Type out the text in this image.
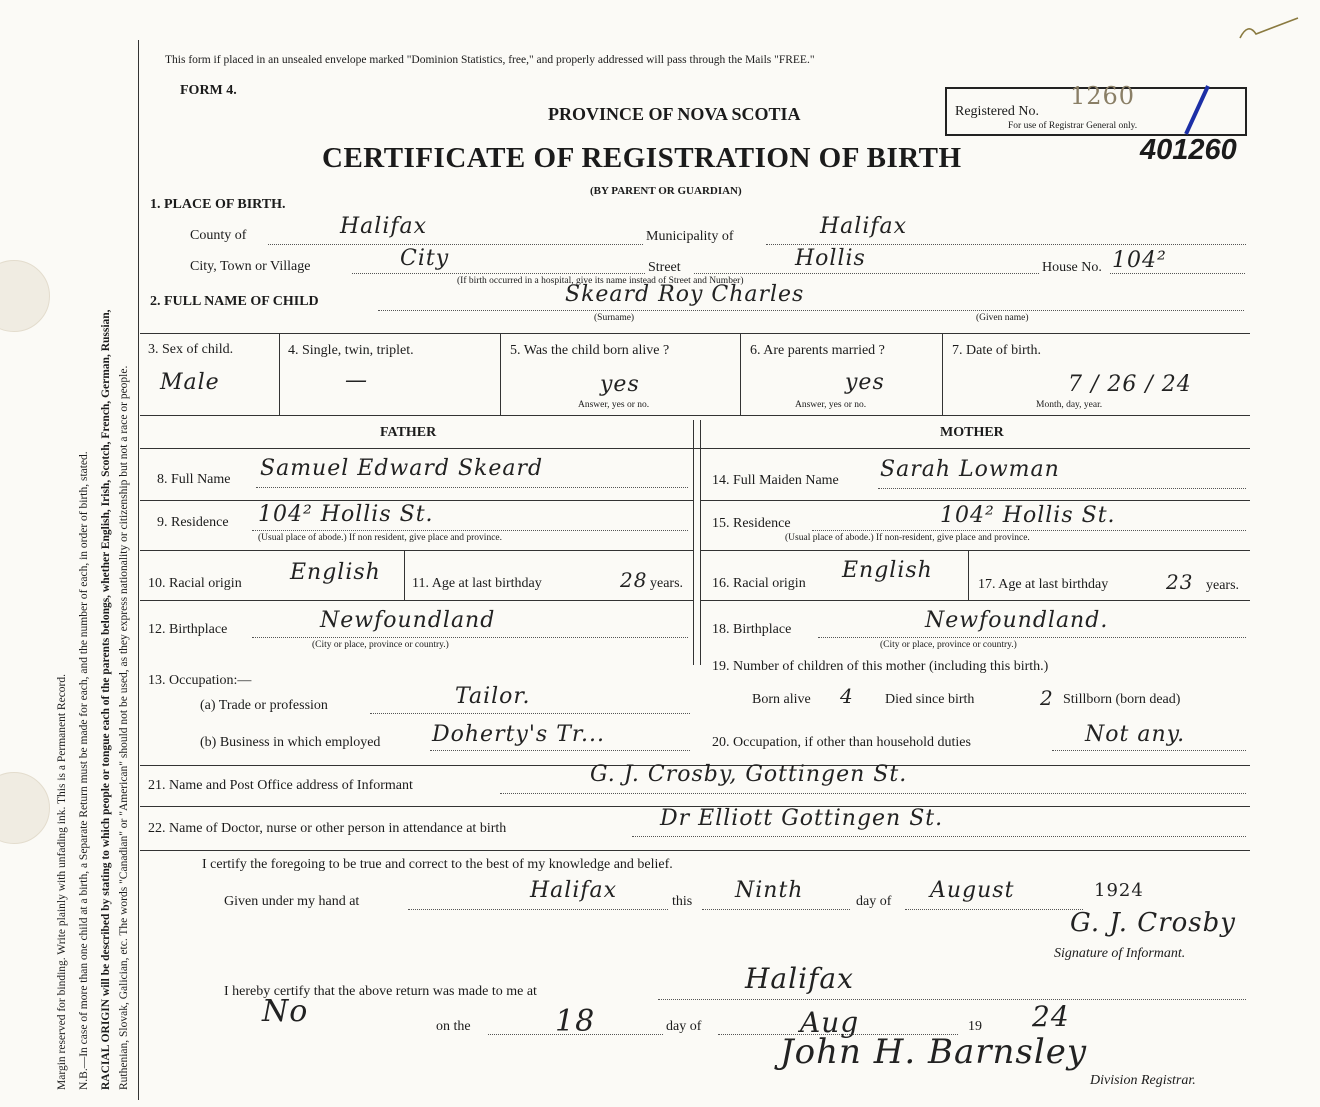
Margin reserved for binding. Write plainly with unfading ink. This is a Permanent Record. N.B.—In case of more than one child at a birth, a Separate Return must be made for each, and the number of each, in order of birth, stated. RACIAL ORIGIN will be described by stating to which people or tongue each of the parents belongs, whether English, Irish, Scotch, French, German, Russian, Ruthenian, Slovak, Galician, etc. The words "Canadian" or "American" should not be used, as they express nationality or citizenship but not a race or people.
This form if placed in an unsealed envelope marked "Dominion Statistics, free," and properly addressed will pass through the Mails "FREE."
FORM 4.
PROVINCE OF NOVA SCOTIA
CERTIFICATE OF REGISTRATION OF BIRTH
(BY PARENT OR GUARDIAN)
Registered No.
1260
For use of Registrar General only.
401260
1. PLACE OF BIRTH.
County of	Halifax	Municipality of	Halifax
City, Town or Village	City	Street	Hollis
(If birth occurred in a hospital, give its name instead of Street and Number)
House No. 104²
2. FULL NAME OF CHILD	Skeard Roy Charles
(Surname)	(Given name)
3. Sex of child.
Male
4. Single, twin, triplet.
—
5. Was the child born alive ?
yes
Answer, yes or no.
6. Are parents married ?
yes
Answer, yes or no.
7. Date of birth.
7 / 26 / 24
Month, day, year.
FATHER	MOTHER
8. Full Name Samuel Edward Skeard
9. Residence 104² Hollis St.
(Usual place of abode.) If non resident, give place and province.
10. Racial origin English 11. Age at last birthday	28 years.
12. Birthplace	Newfoundland
(City or place, province or country.)
13. Occupation:—
(a) Trade or profession	Tailor.
(b) Business in which employed Doherty's Tr...
14. Full Maiden Name Sarah Lowman
15. Residence	104² Hollis St.
(Usual place of abode.) If non-resident, give place and province.
16. Racial origin
English
17. Age at last birthday	23 years.
18. Birthplace	Newfoundland.
(City or place, province or country.)
19. Number of children of this mother (including this birth.)
Born alive 4 Died since birth	2 Stillborn (born dead)
20. Occupation, if other than household duties	Not any.
21. Name and Post Office address of Informant	G. J. Crosby, Gottingen St.
22. Name of Doctor, nurse or other person in attendance at birth	Dr Elliott Gottingen St.
I certify the foregoing to be true and correct to the best of my knowledge and belief.
Given under my hand at	Halifax	this Ninth	day of August	1924
G. J. Crosby
Signature of Informant.
I hereby certify that the above return was made to me at	Halifax
No	on the	18	day of	Aug	19 24
John H. Barnsley
Division Registrar.
